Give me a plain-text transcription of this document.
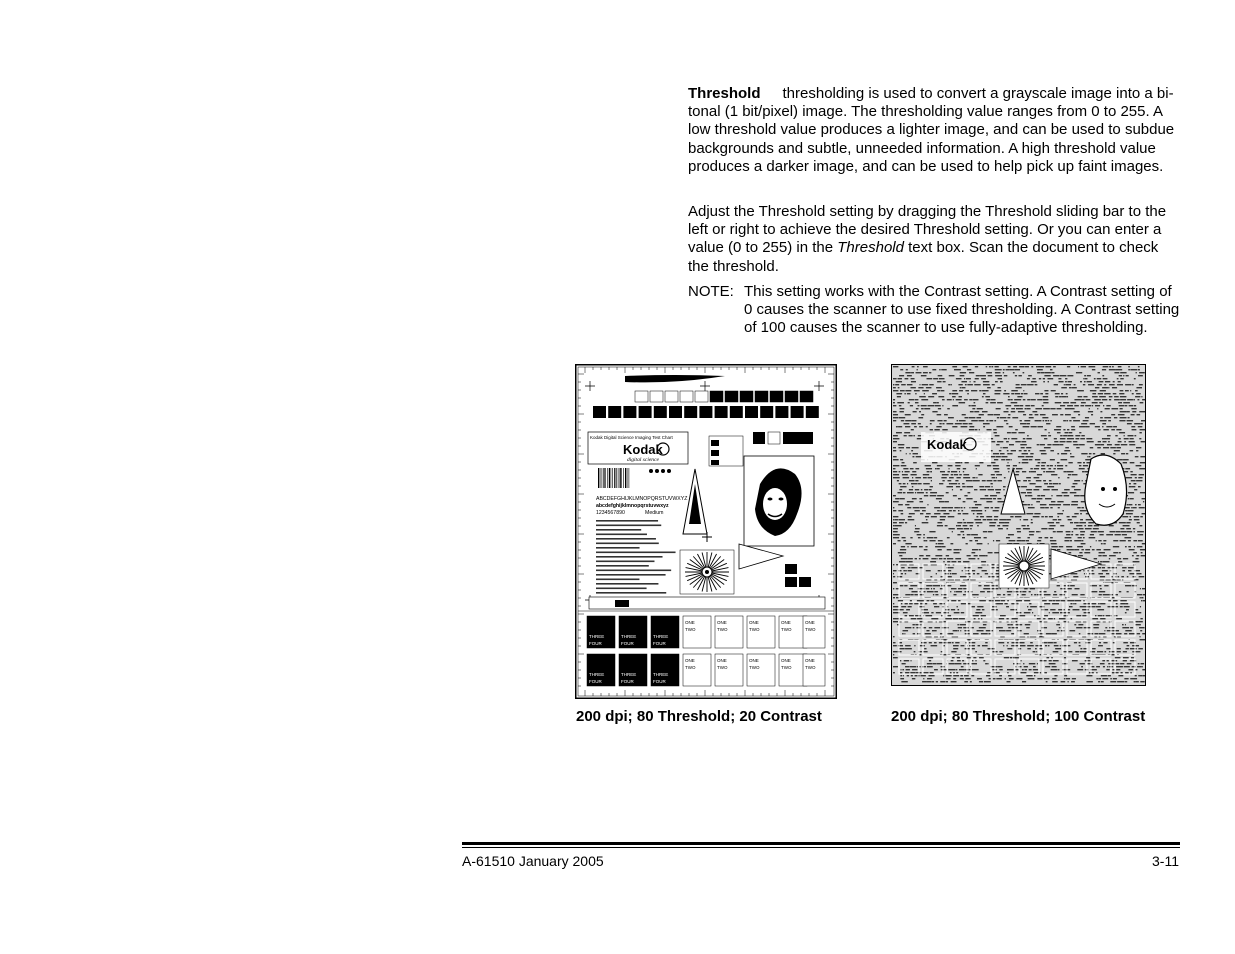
Threshold thresholding is used to convert a grayscale image into a bi-tonal (1 bit/pixel) image. The thresholding value ranges from 0 to 255. A low threshold value produces a lighter image, and can be used to subdue backgrounds and subtle, unneeded information. A high threshold value produces a darker image, and can be used to help pick up faint images.
Adjust the Threshold setting by dragging the Threshold sliding bar to the left or right to achieve the desired Threshold setting. Or you can enter a value (0 to 255) in the Threshold text box. Scan the document to check the threshold.
NOTE: This setting works with the Contrast setting. A Contrast setting of 0 causes the scanner to use fixed thresholding. A Contrast setting of 100 causes the scanner to use fully-adaptive thresholding.
Kodak Digital Science Imaging Test Chart
Kodak
digital science
ABCDEFGHIJKLMNOPQRSTUVWXYZ
abcdefghijklmnopqrstuvwxyz
1234567890	Medium
THREE
FOUR
THREE
FOUR
THREE
FOUR
ONE
TWO
ONE
TWO
ONE
TWO
ONE
TWO
ONE
TWO
THREE
FOUR
THREE
FOUR
THREE
FOUR
ONE
TWO
ONE
TWO
ONE
TWO
ONE
TWO
ONE
TWO
Kodak
200 dpi; 80 Threshold; 20 Contrast	200 dpi; 80 Threshold; 100 Contrast
A-61510 January 2005	3-11
